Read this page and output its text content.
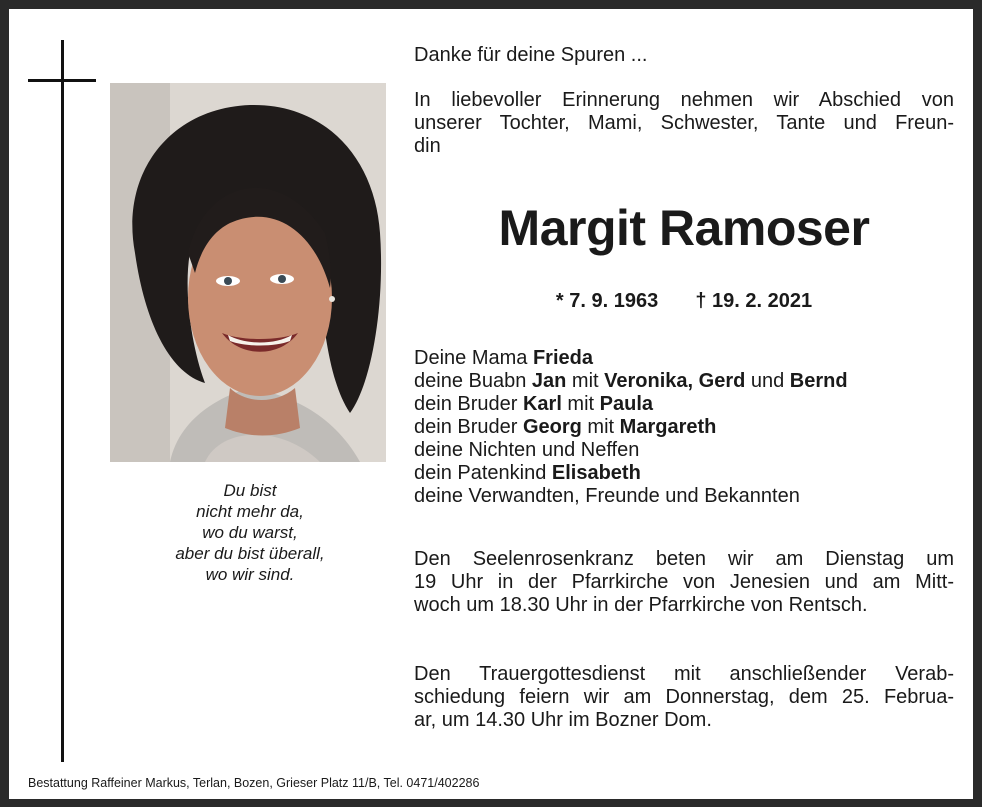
Du bist
nicht mehr da,
wo du warst,
aber du bist überall,
wo wir sind.

Danke für deine Spuren ...

In liebevoller Erinnerung nehmen wir Abschied von
unserer Tochter, Mami, Schwester, Tante und Freun-
din
Margit Ramoser
* 7. 9. 1963 † 19. 2. 2021
Deine Mama Frieda
deine Buabn Jan mit Veronika, Gerd und Bernd
dein Bruder Karl mit Paula
dein Bruder Georg mit Margareth
deine Nichten und Neffen
dein Patenkind Elisabeth
deine Verwandten, Freunde und Bekannten
Den Seelenrosenkranz beten wir am Dienstag um
19 Uhr in der Pfarrkirche von Jenesien und am Mitt-
woch um 18.30 Uhr in der Pfarrkirche von Rentsch.
Den Trauergottesdienst mit anschließender Verab-
schiedung feiern wir am Donnerstag, dem 25. Februa-
ar, um 14.30 Uhr im Bozner Dom.
Bestattung Raffeiner Markus, Terlan, Bozen, Grieser Platz 11/B, Tel. 0471/402286
